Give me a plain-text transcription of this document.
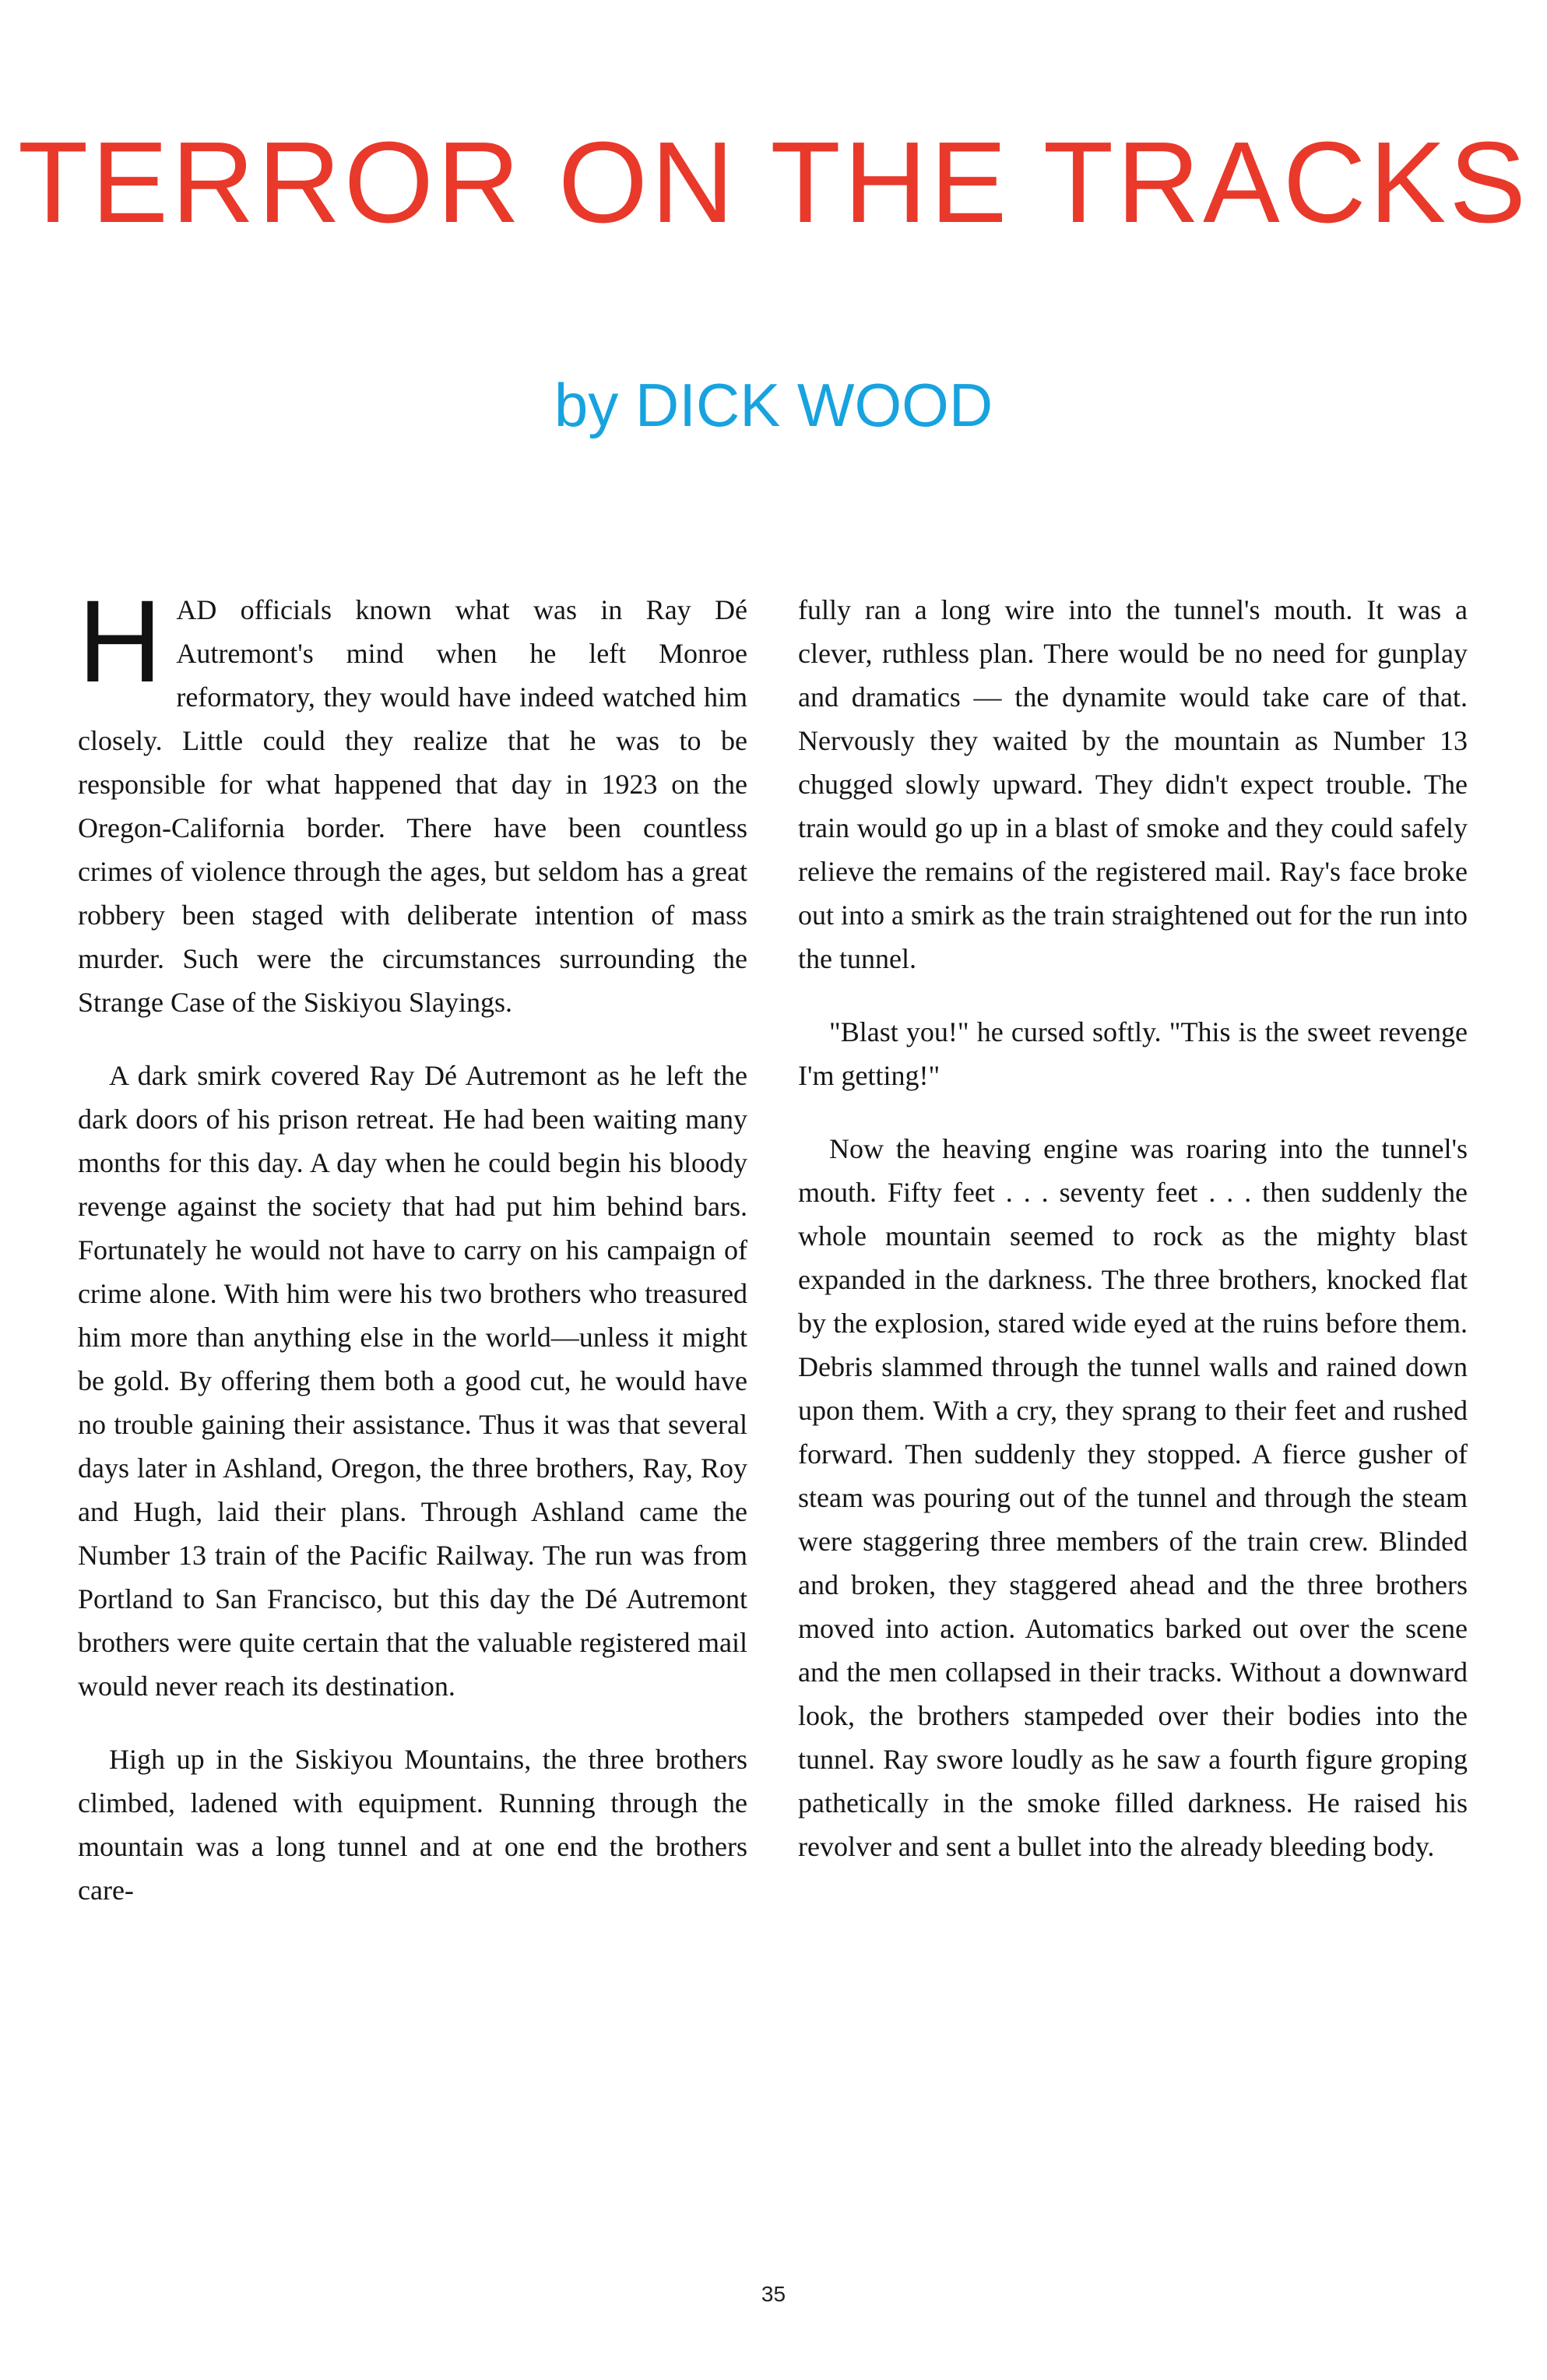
TERROR ON THE TRACKS
by DICK WOOD

HAD officials known what was in Ray Dé Autremont's mind when he left Monroe reformatory, they would have indeed watched him closely. Little could they realize that he was to be responsible for what happened that day in 1923 on the Oregon-California border. There have been countless crimes of violence through the ages, but seldom has a great robbery been staged with deliberate intention of mass murder. Such were the circumstances surrounding the Strange Case of the Siskiyou Slayings.

A dark smirk covered Ray Dé Autremont as he left the dark doors of his prison retreat. He had been waiting many months for this day. A day when he could begin his bloody revenge against the society that had put him behind bars. Fortunately he would not have to carry on his campaign of crime alone. With him were his two brothers who treasured him more than anything else in the world—unless it might be gold. By offering them both a good cut, he would have no trouble gaining their assistance. Thus it was that several days later in Ashland, Oregon, the three brothers, Ray, Roy and Hugh, laid their plans. Through Ashland came the Number 13 train of the Pacific Railway. The run was from Portland to San Francisco, but this day the Dé Autremont brothers were quite certain that the valuable registered mail would never reach its destination.

High up in the Siskiyou Mountains, the three brothers climbed, ladened with equipment. Running through the mountain was a long tunnel and at one end the brothers care-

fully ran a long wire into the tunnel's mouth. It was a clever, ruthless plan. There would be no need for gunplay and dramatics — the dynamite would take care of that. Nervously they waited by the mountain as Number 13 chugged slowly upward. They didn't expect trouble. The train would go up in a blast of smoke and they could safely relieve the remains of the registered mail. Ray's face broke out into a smirk as the train straightened out for the run into the tunnel.

"Blast you!" he cursed softly. "This is the sweet revenge I'm getting!"

Now the heaving engine was roaring into the tunnel's mouth. Fifty feet . . . seventy feet . . . then suddenly the whole mountain seemed to rock as the mighty blast expanded in the darkness. The three brothers, knocked flat by the explosion, stared wide eyed at the ruins before them. Debris slammed through the tunnel walls and rained down upon them. With a cry, they sprang to their feet and rushed forward. Then suddenly they stopped. A fierce gusher of steam was pouring out of the tunnel and through the steam were staggering three members of the train crew. Blinded and broken, they staggered ahead and the three brothers moved into action. Automatics barked out over the scene and the men collapsed in their tracks. Without a downward look, the brothers stampeded over their bodies into the tunnel. Ray swore loudly as he saw a fourth figure groping pathetically in the smoke filled darkness. He raised his revolver and sent a bullet into the already bleeding body.

35
